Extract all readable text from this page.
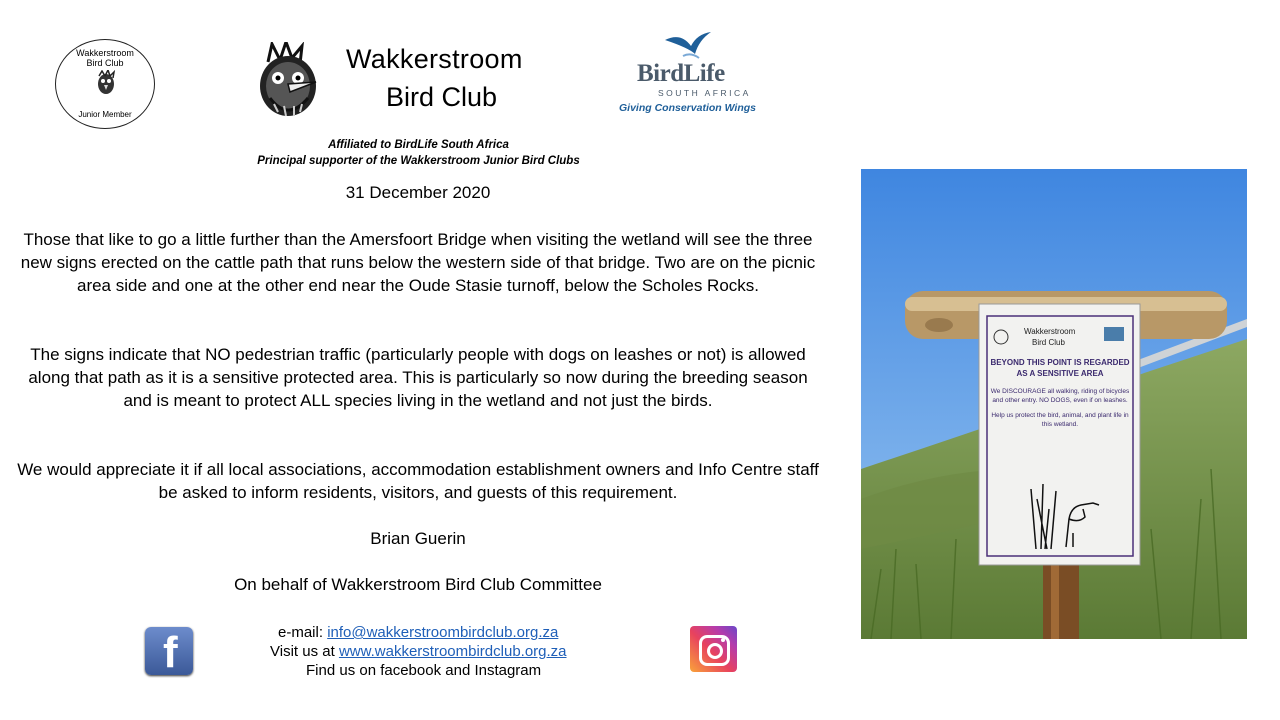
Wakkerstroom
Bird Club
Junior Member
Wakkerstroom
Bird Club
BirdLife
SOUTH AFRICA
Giving Conservation Wings
Affiliated to BirdLife South Africa
Principal supporter of the Wakkerstroom Junior Bird Clubs
31 December 2020
Those that like to go a little further than the Amersfoort Bridge when visiting the wetland will see the three new signs erected on the cattle path that runs below the western side of that bridge. Two are on the picnic area side and one at the other end near the Oude Stasie turnoff, below the Scholes Rocks.
The signs indicate that NO pedestrian traffic (particularly people with dogs on leashes or not) is allowed along that path as it is a sensitive protected area. This is particularly so now during the breeding season and is meant to protect ALL species living in the wetland and not just the birds.
We would appreciate it if all local associations, accommodation establishment owners and Info Centre staff be asked to inform residents, visitors, and guests of this requirement.
Brian Guerin
On behalf of Wakkerstroom Bird Club Committee
Wakkerstroom
Bird Club
BEYOND THIS POINT IS REGARDED AS A SENSITIVE AREA
We DISCOURAGE all walking, riding of bicycles and other entry. NO DOGS, even if on leashes.
Help us protect the bird, animal, and plant life in this wetland.
f	e-mail: info@wakkerstroombirdclub.org.za
Visit us at www.wakkerstroombirdclub.org.za
Find us on facebook and Instagram
